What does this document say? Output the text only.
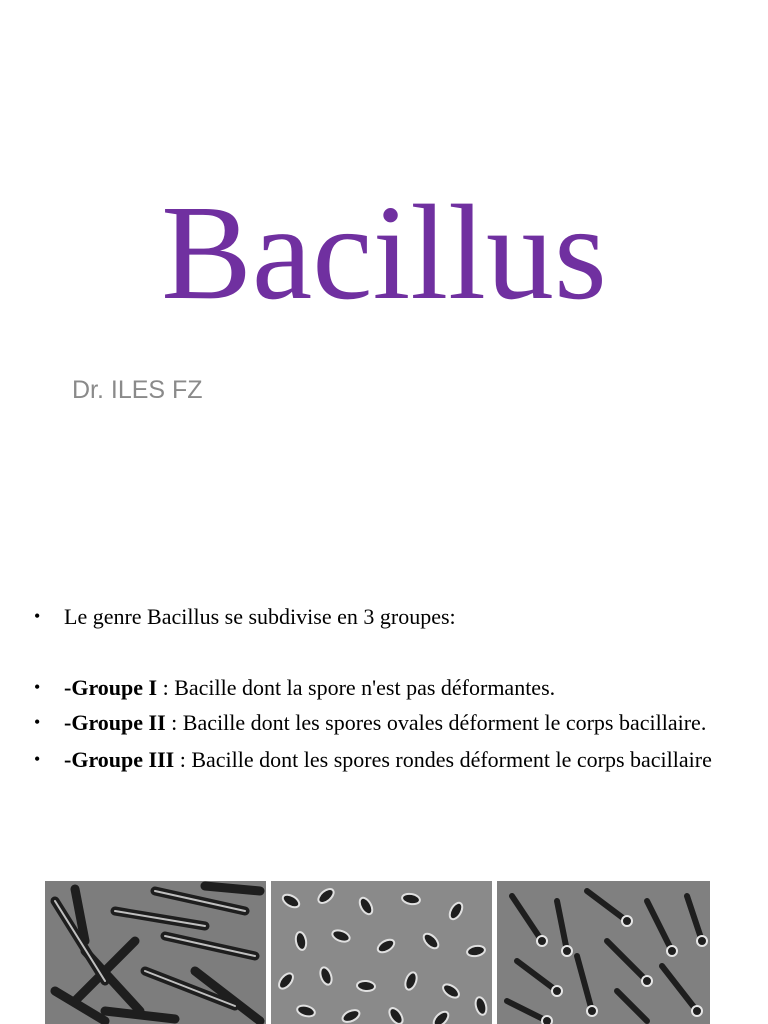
Bacillus

Dr. ILES FZ

• Le genre Bacillus se subdivise en 3 groupes:
• -Groupe I : Bacille dont la spore n'est pas déformantes.
• -Groupe II : Bacille dont les spores ovales déforment le corps bacillaire.
• -Groupe III : Bacille dont les spores rondes déforment le corps bacillaire
